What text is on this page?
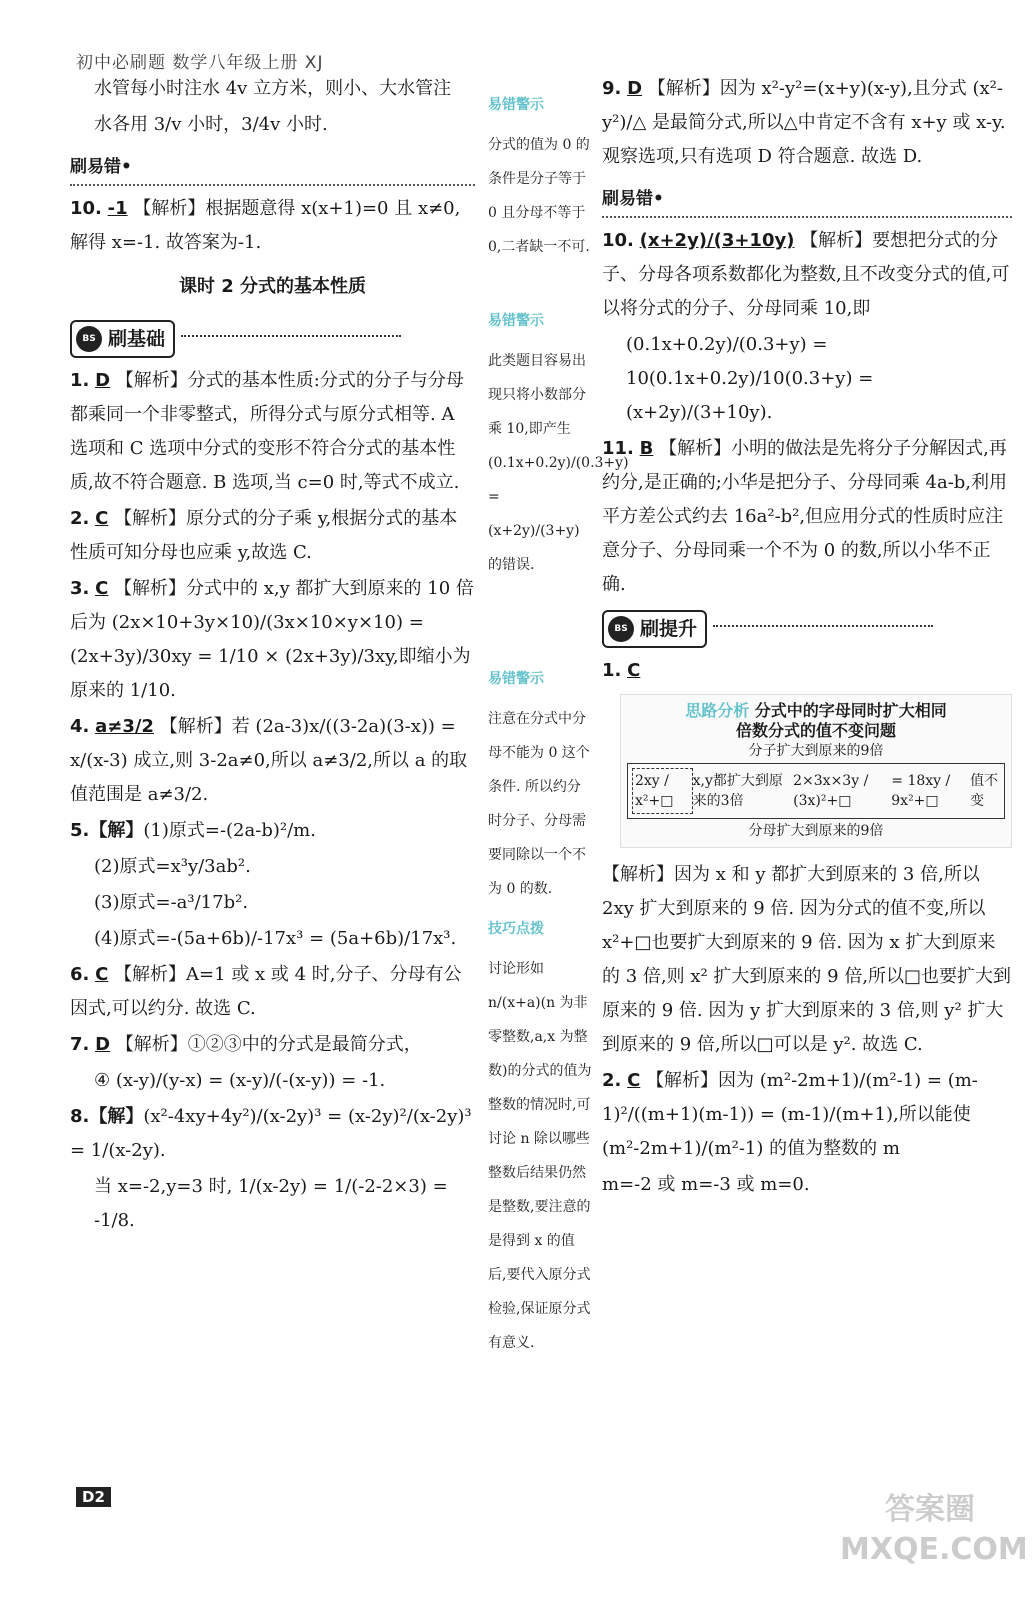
初中必刷题 数学八年级上册 XJ
水管每小时注水 4v 立方米，则小、大水管注
水各用 3/v 小时，3/4v 小时.
刷易错•
10. -1 【解析】根据题意得 x(x+1)=0 且 x≠0,解得 x=-1. 故答案为-1.
课时 2 分式的基本性质
BS 刷基础
1. D 【解析】分式的基本性质:分式的分子与分母都乘同一个非零整式，所得分式与原分式相等. A 选项和 C 选项中分式的变形不符合分式的基本性质,故不符合题意. B 选项,当 c=0 时,等式不成立.
2. C 【解析】原分式的分子乘 y,根据分式的基本性质可知分母也应乘 y,故选 C.
3. C 【解析】分式中的 x,y 都扩大到原来的 10 倍后为 (2x×10+3y×10)/(3x×10×y×10) = (2x+3y)/30xy = 1/10 × (2x+3y)/3xy,即缩小为原来的 1/10.
4. a≠3/2 【解析】若 (2a-3)x/((3-2a)(3-x)) = x/(x-3) 成立,则 3-2a≠0,所以 a≠3/2,所以 a 的取值范围是 a≠3/2.
5.【解】(1)原式=-(2a-b)²/m.
(2)原式=x³y/3ab².
(3)原式=-a³/17b².
(4)原式=-(5a+6b)/-17x³ = (5a+6b)/17x³.
6. C 【解析】A=1 或 x 或 4 时,分子、分母有公因式,可以约分. 故选 C.
7. D 【解析】①②③中的分式是最简分式，
④ (x-y)/(y-x) = (x-y)/(-(x-y)) = -1.
8.【解】(x²-4xy+4y²)/(x-2y)³ = (x-2y)²/(x-2y)³ = 1/(x-2y).
当 x=-2,y=3 时, 1/(x-2y) = 1/(-2-2×3) = -1/8.
易错警示
分式的值为 0 的条件是分子等于 0 且分母不等于 0,二者缺一不可.
易错警示
此类题目容易出现只将小数部分乘 10,即产生 (0.1x+0.2y)/(0.3+y) = (x+2y)/(3+y) 的错误.
易错警示
注意在分式中分母不能为 0 这个条件. 所以约分时分子、分母需要同除以一个不为 0 的数.
技巧点拨
讨论形如 n/(x+a)(n 为非零整数,a,x 为整数)的分式的值为整数的情况时,可讨论 n 除以哪些整数后结果仍然是整数,要注意的是得到 x 的值后,要代入原分式检验,保证原分式有意义.
9. D 【解析】因为 x²-y²=(x+y)(x-y),且分式 (x²-y²)/△ 是最简分式,所以△中肯定不含有 x+y 或 x-y. 观察选项,只有选项 D 符合题意. 故选 D.
刷易错•
10. (x+2y)/(3+10y) 【解析】要想把分式的分子、分母各项系数都化为整数,且不改变分式的值,可以将分式的分子、分母同乘 10,即
(0.1x+0.2y)/(0.3+y) = 10(0.1x+0.2y)/10(0.3+y) = (x+2y)/(3+10y).
11. B 【解析】小明的做法是先将分子分解因式,再约分,是正确的;小华是把分子、分母同乘 4a-b,利用平方差公式约去 16a²-b²,但应用分式的性质时应注意分子、分母同乘一个不为 0 的数,所以小华不正确.
BS 刷提升
1. C
思路分析 分式中的字母同时扩大相同
倍数分式的值不变问题
分子扩大到原来的9倍
2xy / x²+□
x,y都扩大到原来的3倍
2×3x×3y / (3x)²+□
= 18xy / 9x²+□
值不变
分母扩大到原来的9倍
【解析】因为 x 和 y 都扩大到原来的 3 倍,所以 2xy 扩大到原来的 9 倍. 因为分式的值不变,所以 x²+□也要扩大到原来的 9 倍. 因为 x 扩大到原来的 3 倍,则 x² 扩大到原来的 9 倍,所以□也要扩大到原来的 9 倍. 因为 y 扩大到原来的 3 倍,则 y² 扩大到原来的 9 倍,所以□可以是 y². 故选 C.
2. C 【解析】因为 (m²-2m+1)/(m²-1) = (m-1)²/((m+1)(m-1)) = (m-1)/(m+1),所以能使 (m²-2m+1)/(m²-1) 的值为整数的 m
m=-2 或 m=-3 或 m=0.
D2	答案圈 MXQE.COM
